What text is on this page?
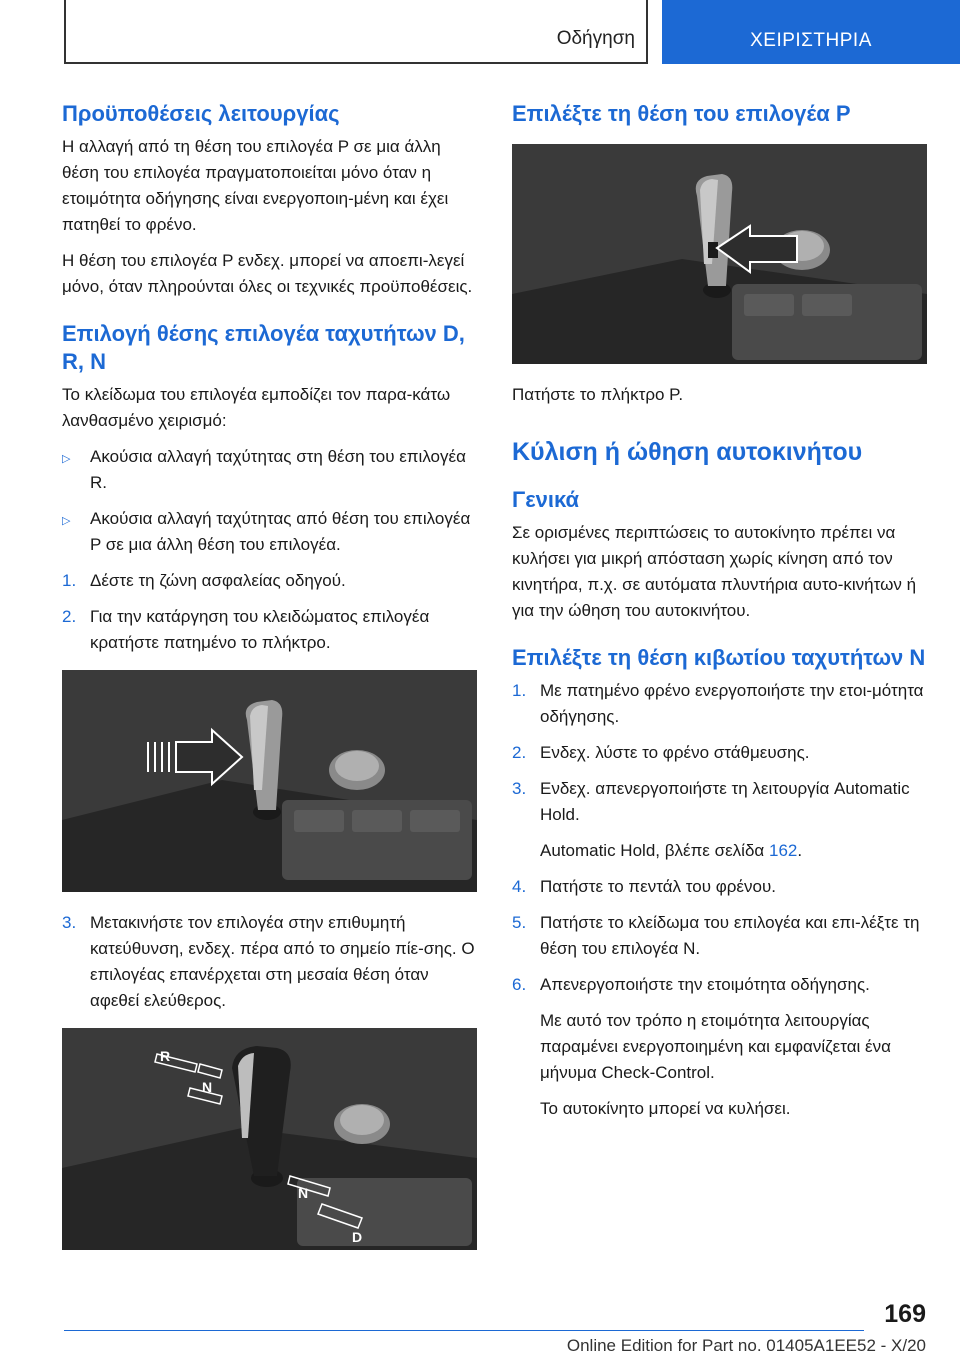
Οδήγηση	ΧΕΙΡΙΣΤΗΡΙΑ
Προϋποθέσεις λειτουργίας

Η αλλαγή από τη θέση του επιλογέα P σε μια άλλη θέση του επιλογέα πραγματοποιείται μόνο όταν η ετοιμότητα οδήγησης είναι ενεργοποιη-μένη και έχει πατηθεί το φρένο.

Η θέση του επιλογέα P ενδεχ. μπορεί να αποεπι-λεγεί μόνο, όταν πληρούνται όλες οι τεχνικές προϋποθέσεις.

Επιλογή θέσης επιλογέα ταχυτήτων D, R, N

Το κλείδωμα του επιλογέα εμποδίζει τον παρα-κάτω λανθασμένο χειρισμό:

▷ Ακούσια αλλαγή ταχύτητας στη θέση του επιλογέα R.
▷ Ακούσια αλλαγή ταχύτητας από θέση του επιλογέα P σε μια άλλη θέση του επιλογέα.
1. Δέστε τη ζώνη ασφαλείας οδηγού.
2. Για την κατάργηση του κλειδώματος επιλογέα κρατήστε πατημένο το πλήκτρο.
3. Μετακινήστε τον επιλογέα στην επιθυμητή κατεύθυνση, ενδεχ. πέρα από το σημείο πίε-σης. Ο επιλογέας επανέρχεται στη μεσαία θέση όταν αφεθεί ελεύθερος.
R
N
N
D
Επιλέξτε τη θέση του επιλογέα P

Πατήστε το πλήκτρο P.

Κύλιση ή ώθηση αυτοκινήτου
Γενικά

Σε ορισμένες περιπτώσεις το αυτοκίνητο πρέπει να κυλήσει για μικρή απόσταση χωρίς κίνηση από τον κινητήρα, π.χ. σε αυτόματα πλυντήρια αυτο-κινήτων ή για την ώθηση του αυτοκινήτου.

Επιλέξτε τη θέση κιβωτίου ταχυτήτων N
1. Με πατημένο φρένο ενεργοποιήστε την ετοι-μότητα οδήγησης.
2. Ενδεχ. λύστε το φρένο στάθμευσης.
3. Ενδεχ. απενεργοποιήστε τη λειτουργία Automatic Hold.

Automatic Hold, βλέπε σελίδα 162.

4. Πατήστε το πεντάλ του φρένου.
5. Πατήστε το κλείδωμα του επιλογέα και επι-λέξτε τη θέση του επιλογέα N.
6. Απενεργοποιήστε την ετοιμότητα οδήγησης.

Με αυτό τον τρόπο η ετοιμότητα λειτουργίας παραμένει ενεργοποιημένη και εμφανίζεται ένα μήνυμα Check-Control.

Το αυτοκίνητο μπορεί να κυλήσει.

169
Online Edition for Part no. 01405A1EE52 - X/20
